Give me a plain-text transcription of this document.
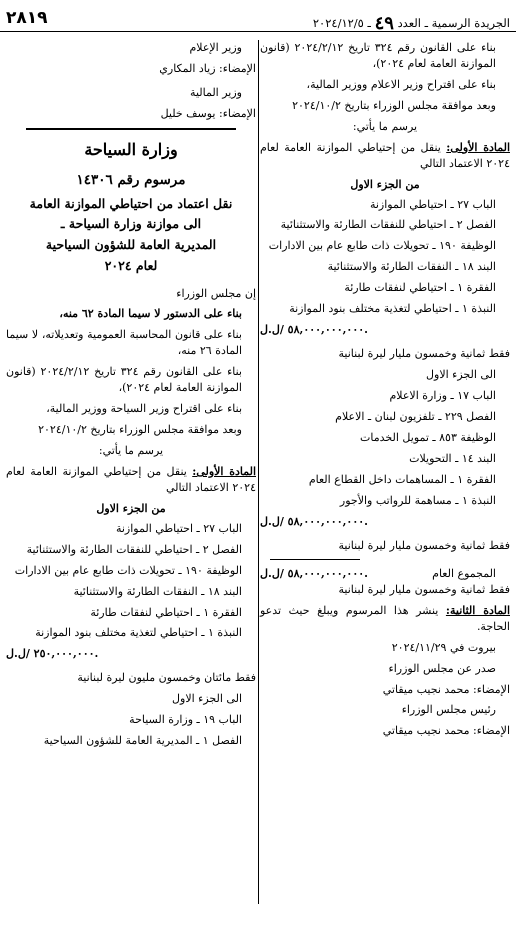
الجريدة الرسمية ـ العدد ٤٩ ـ ٢٠٢٤/١٢/٥
٢٨١٩

بناء على القانون رقم ٣٢٤ تاريخ ٢٠٢٤/٢/١٢ (قانون الموازنة العامة لعام ٢٠٢٤)،

بناء على اقتراح وزير الاعلام ووزير المالية،

وبعد موافقة مجلس الوزراء بتاريخ ٢٠٢٤/١٠/٢

يرسم ما يأتي:

المادة الأولى: ينقل من إحتياطي الموازنة العامة لعام ٢٠٢٤ الاعتماد التالي

من الجزء الاول

الباب ٢٧ ـ احتياطي الموازنة

الفصل ٢ ـ احتياطي للنفقات الطارئة والاستثنائية

الوظيفة ١٩٠ ـ تحويلات ذات طابع عام بين الادارات

البند ١٨ ـ النفقات الطارئة والاستثنائية

الفقرة ١ ـ احتياطي لنفقات طارئة

النبذة ١ ـ احتياطي لتغذية مختلف بنود الموازنة

٥٨,٠٠٠,٠٠٠,٠٠٠ /ل.ل.

فقط ثمانية وخمسون مليار ليرة لبنانية

الى الجزء الاول

الباب ١٧ ـ وزارة الاعلام

الفصل ٢٢٩ ـ تلفزيون لبنان ـ الاعلام

الوظيفة ٨٥٣ ـ تمويل الخدمات

البند ١٤ ـ التحويلات

الفقرة ١ ـ المساهمات داخل القطاع العام

النبذة ١ ـ مساهمة للرواتب والأجور

٥٨,٠٠٠,٠٠٠,٠٠٠ /ل.ل.

فقط ثمانية وخمسون مليار ليرة لبنانية

المجموع العام
٥٨,٠٠٠,٠٠٠,٠٠٠ /ل.ل.

فقط ثمانية وخمسون مليار ليرة لبنانية

المادة الثانية: ينشر هذا المرسوم ويبلغ حيث تدعو الحاجة.

بيروت في ٢٠٢٤/١١/٢٩

صدر عن مجلس الوزراء

الإمضاء: محمد نجيب ميقاتي

رئيس مجلس الوزراء

الإمضاء: محمد نجيب ميقاتي

وزير الإعلام

الإمضاء: زياد المكاري

وزير المالية

الإمضاء: يوسف خليل

وزارة السياحة

مرسوم رقم ١٤٣٠٦

نقل اعتماد من احتياطي الموازنة العامة

الى موازنة وزارة السياحة ـ

المديرية العامة للشؤون السياحية

لعام ٢٠٢٤

إن مجلس الوزراء

بناء على الدستور لا سيما المادة ٦٢ منه،

بناء على قانون المحاسبة العمومية وتعديلاته، لا سيما المادة ٢٦ منه،

بناء على القانون رقم ٣٢٤ تاريخ ٢٠٢٤/٢/١٢ (قانون الموازنة العامة لعام ٢٠٢٤)،

بناء على اقتراح وزير السياحة ووزير المالية،

وبعد موافقة مجلس الوزراء بتاريخ ٢٠٢٤/١٠/٢

يرسم ما يأتي:

المادة الأولى: ينقل من إحتياطي الموازنة العامة لعام ٢٠٢٤ الاعتماد التالي

من الجزء الاول

الباب ٢٧ ـ احتياطي الموازنة

الفصل ٢ ـ احتياطي للنفقات الطارئة والاستثنائية

الوظيفة ١٩٠ ـ تحويلات ذات طابع عام بين الادارات

البند ١٨ ـ النفقات الطارئة والاستثنائية

الفقرة ١ ـ احتياطي لنفقات طارئة

النبذة ١ ـ احتياطي لتغذية مختلف بنود الموازنة

٢٥٠,٠٠٠,٠٠٠ /ل.ل.

فقط مائتان وخمسون مليون ليرة لبنانية

الى الجزء الاول

الباب ١٩ ـ وزارة السياحة

الفصل ١ ـ المديرية العامة للشؤون السياحية
